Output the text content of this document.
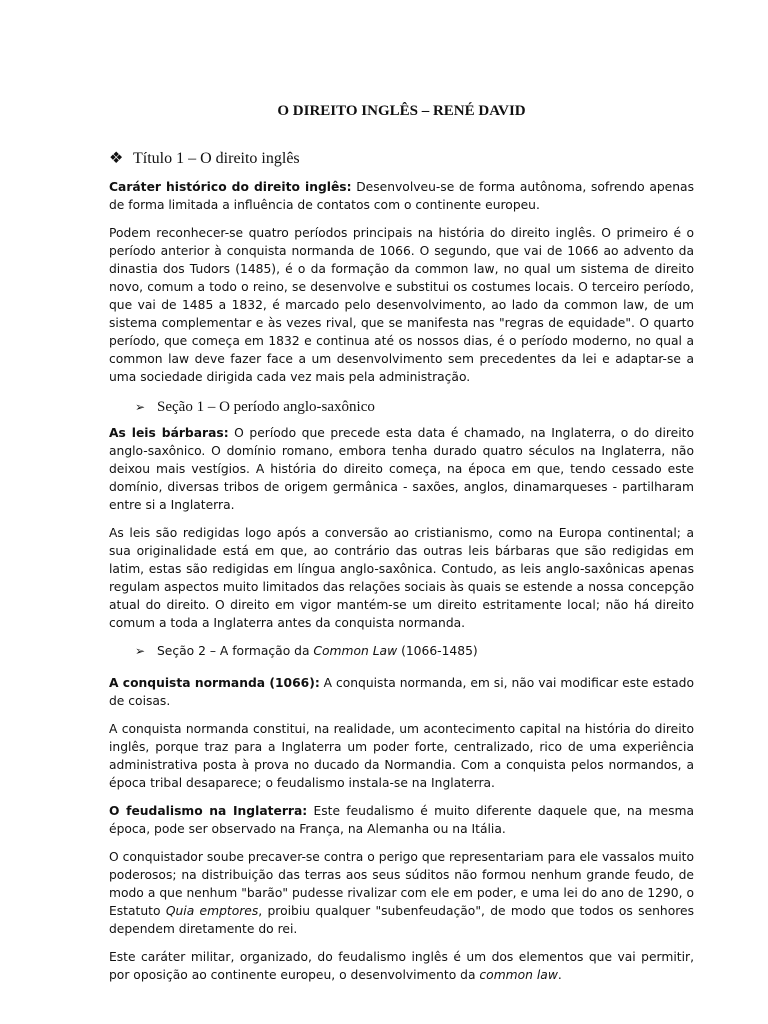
O DIREITO INGLÊS – RENÉ DAVID
❖ Título 1 – O direito inglês

Caráter histórico do direito inglês: Desenvolveu-se de forma autônoma, sofrendo apenas de forma limitada a influência de contatos com o continente europeu.

Podem reconhecer-se quatro períodos principais na história do direito inglês. O primeiro é o período anterior à conquista normanda de 1066. O segundo, que vai de 1066 ao advento da dinastia dos Tudors (1485), é o da formação da common law, no qual um sistema de direito novo, comum a todo o reino, se desenvolve e substitui os costumes locais. O terceiro período, que vai de 1485 a 1832, é marcado pelo desenvolvimento, ao lado da common law, de um sistema complementar e às vezes rival, que se manifesta nas "regras de equidade". O quarto período, que começa em 1832 e continua até os nossos dias, é o período moderno, no qual a common law deve fazer face a um desenvolvimento sem precedentes da lei e adaptar-se a uma sociedade dirigida cada vez mais pela administração.

➢ Seção 1 – O período anglo-saxônico

As leis bárbaras: O período que precede esta data é chamado, na Inglaterra, o do direito anglo-saxônico. O domínio romano, embora tenha durado quatro séculos na Inglaterra, não deixou mais vestígios. A história do direito começa, na época em que, tendo cessado este domínio, diversas tribos de origem germânica - saxões, anglos, dinamarqueses - partilharam entre si a Inglaterra.

As leis são redigidas logo após a conversão ao cristianismo, como na Europa continental; a sua originalidade está em que, ao contrário das outras leis bárbaras que são redigidas em latim, estas são redigidas em língua anglo-saxônica. Contudo, as leis anglo-saxônicas apenas regulam aspectos muito limitados das relações sociais às quais se estende a nossa concepção atual do direito. O direito em vigor mantém-se um direito estritamente local; não há direito comum a toda a Inglaterra antes da conquista normanda.

➢ Seção 2 – A formação da Common Law (1066-1485)

A conquista normanda (1066): A conquista normanda, em si, não vai modificar este estado de coisas.

A conquista normanda constitui, na realidade, um acontecimento capital na história do direito inglês, porque traz para a Inglaterra um poder forte, centralizado, rico de uma experiência administrativa posta à prova no ducado da Normandia. Com a conquista pelos normandos, a época tribal desaparece; o feudalismo instala-se na Inglaterra.

O feudalismo na Inglaterra: Este feudalismo é muito diferente daquele que, na mesma época, pode ser observado na França, na Alemanha ou na Itália.

O conquistador soube precaver-se contra o perigo que representariam para ele vassalos muito poderosos; na distribuição das terras aos seus súditos não formou nenhum grande feudo, de modo a que nenhum "barão" pudesse rivalizar com ele em poder, e uma lei do ano de 1290, o Estatuto Quia emptores, proibiu qualquer "subenfeudação", de modo que todos os senhores dependem diretamente do rei.

Este caráter militar, organizado, do feudalismo inglês é um dos elementos que vai permitir, por oposição ao continente europeu, o desenvolvimento da common law.
